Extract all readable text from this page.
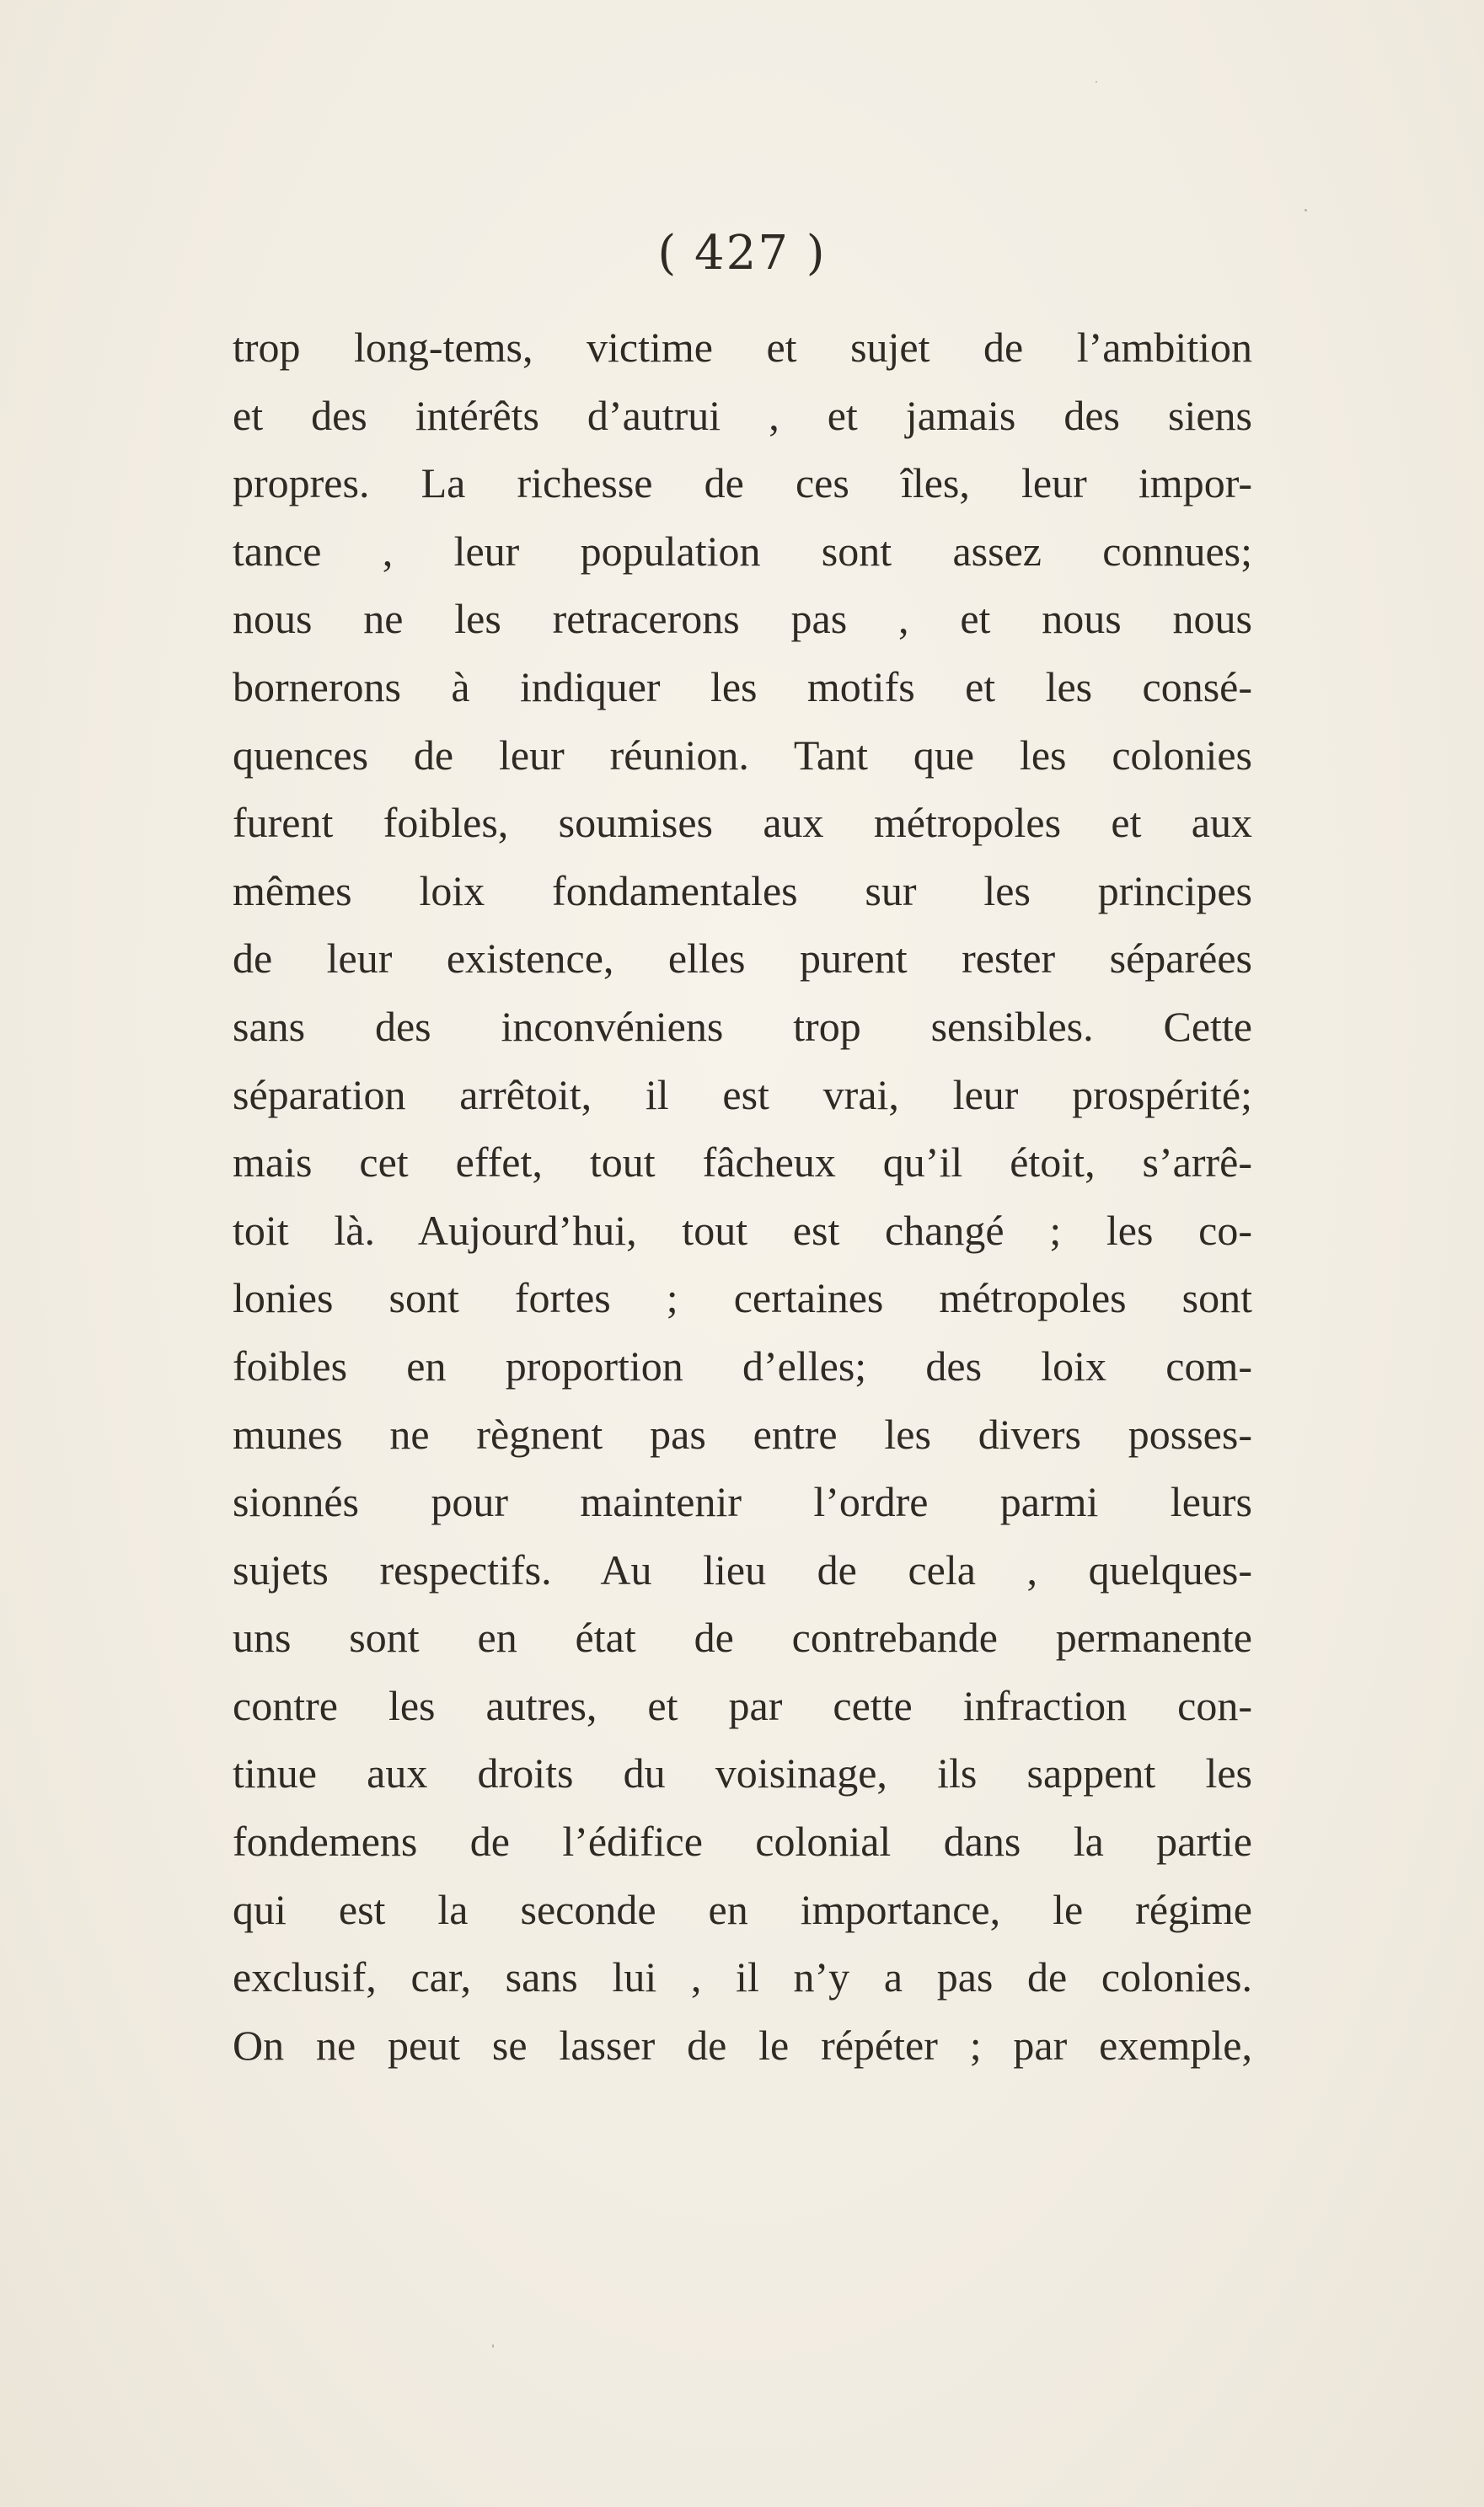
( 427 )
trop long-tems, victime et sujet de l’ambition
et des intérêts d’autrui , et jamais des siens
propres. La richesse de ces îles, leur impor-
tance , leur population sont assez connues;
nous ne les retracerons pas , et nous nous
bornerons à indiquer les motifs et les consé-
quences de leur réunion. Tant que les colonies
furent foibles, soumises aux métropoles et aux
mêmes loix fondamentales sur les principes
de leur existence, elles purent rester séparées
sans des inconvéniens trop sensibles. Cette
séparation arrêtoit, il est vrai, leur prospérité;
mais cet effet, tout fâcheux qu’il étoit, s’arrê-
toit là. Aujourd’hui, tout est changé ; les co-
lonies sont fortes ; certaines métropoles sont
foibles en proportion d’elles; des loix com-
munes ne règnent pas entre les divers posses-
sionnés pour maintenir l’ordre parmi leurs
sujets respectifs. Au lieu de cela , quelques-
uns sont en état de contrebande permanente
contre les autres, et par cette infraction con-
tinue aux droits du voisinage, ils sappent les
fondemens de l’édifice colonial dans la partie
qui est la seconde en importance, le régime
exclusif, car, sans lui , il n’y a pas de colonies.
On ne peut se lasser de le répéter ; par exemple,
